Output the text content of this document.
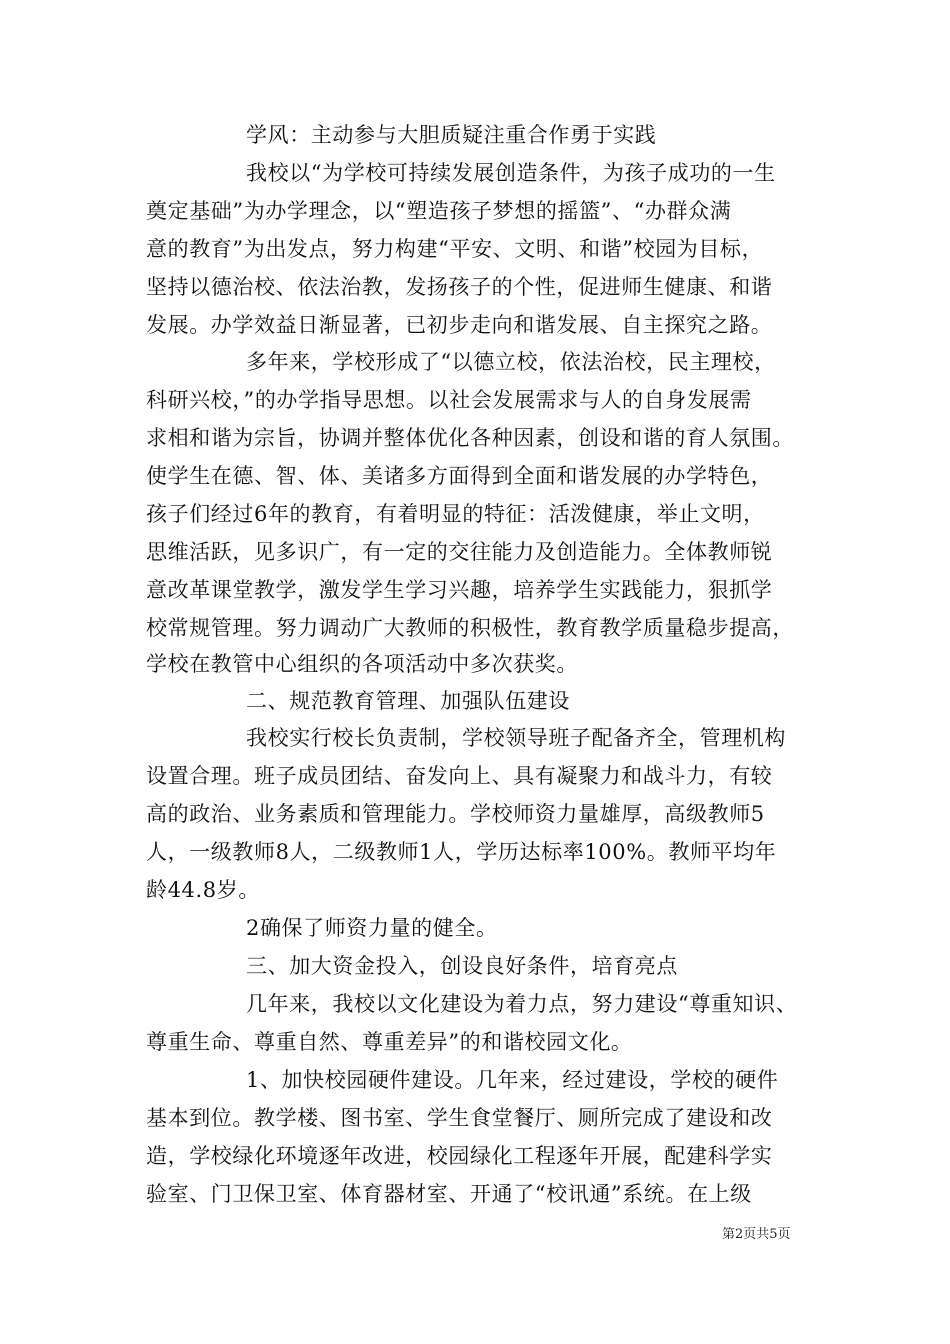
学风：主动参与大胆质疑注重合作勇于实践
我校以“为学校可持续发展创造条件，为孩子成功的一生
奠定基础”为办学理念，以“塑造孩子梦想的摇篮”、“办群众满
意的教育”为出发点，努力构建“平安、文明、和谐”校园为目标，
坚持以德治校、依法治教，发扬孩子的个性，促进师生健康、和谐
发展。办学效益日渐显著，已初步走向和谐发展、自主探究之路。
多年来，学校形成了“以德立校，依法治校，民主理校，
科研兴校，”的办学指导思想。以社会发展需求与人的自身发展需
求相和谐为宗旨，协调并整体优化各种因素，创设和谐的育人氛围。
使学生在德、智、体、美诸多方面得到全面和谐发展的办学特色，
孩子们经过6年的教育，有着明显的特征：活泼健康，举止文明，
思维活跃，见多识广，有一定的交往能力及创造能力。全体教师锐
意改革课堂教学，激发学生学习兴趣，培养学生实践能力，狠抓学
校常规管理。努力调动广大教师的积极性，教育教学质量稳步提高，
学校在教管中心组织的各项活动中多次获奖。
二、规范教育管理、加强队伍建设
我校实行校长负责制，学校领导班子配备齐全，管理机构
设置合理。班子成员团结、奋发向上、具有凝聚力和战斗力，有较
高的政治、业务素质和管理能力。学校师资力量雄厚，高级教师5
人，一级教师8人，二级教师1人，学历达标率100%。教师平均年
龄44.8岁。
2确保了师资力量的健全。
三、加大资金投入，创设良好条件，培育亮点
几年来，我校以文化建设为着力点，努力建设“尊重知识、
尊重生命、尊重自然、尊重差异”的和谐校园文化。
1、加快校园硬件建设。几年来，经过建设，学校的硬件
基本到位。教学楼、图书室、学生食堂餐厅、厕所完成了建设和改
造，学校绿化环境逐年改进，校园绿化工程逐年开展，配建科学实
验室、门卫保卫室、体育器材室、开通了“校讯通”系统。在上级
第2页共5页
